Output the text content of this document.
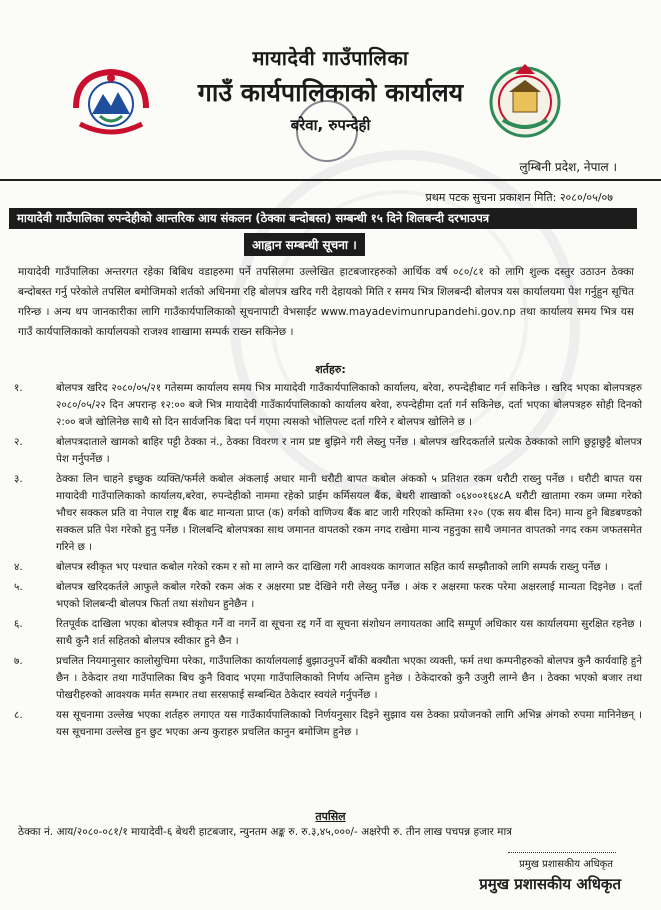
मायादेवी गाउँपालिका
गाउँ कार्यपालिकाको कार्यालय
बरेवा, रुपन्देही
लुम्बिनी प्रदेश, नेपाल ।
प्रथम पटक सुचना प्रकाशन मिति: २०८०/०५/०७
मायादेवी गाउँपालिका रुपन्देहीको आन्तरिक आय संकलन (ठेक्का बन्दोबस्त) सम्बन्धी १५ दिने शिलबन्दी दरभाउपत्र
आह्वान सम्बन्धी सूचना ।
मायादेवी गाउँपालिका अन्तरगत रहेका बिबिध वडाहरुमा पर्ने तपसिलमा उल्लेखित हाटबजारहरुको आर्थिक वर्ष ०८०/८१ को लागि शुल्क दस्तुर उठाउन ठेक्का बन्दोबस्त गर्नु परेकोले तपसिल बमोजिमको शर्तको अधिनमा रहि बोलपत्र खरिद गरी देहायको मिति र समय भित्र शिलबन्दी बोलपत्र यस कार्यालयमा पेश गर्नुहुन सूचित गरिन्छ । अन्य थप जानकारीका लागि गाउँकार्यपालिकाको सूचनापाटी वेभसाईट www.mayadevimunrupandehi.gov.np तथा कार्यालय समय भित्र यस गाउँ कार्यपालिकाको कार्यालयको राजश्व शाखामा सम्पर्क राख्न सकिनेछ ।
शर्तहरु:
१.	बोलपत्र खरिद २०८०/०५/२१ गतेसम्म कार्यालय समय भित्र मायादेवी गाउँकार्यपालिकाको कार्यालय, बरेवा, रुपन्देहीबाट गर्न सकिनेछ । खरिद भएका बोलपत्रहरु २०८०/०५/२२ दिन अपरान्ह १२:०० बजे भित्र मायादेवी गाउँकार्यपालिकाको कार्यालय बरेवा, रुपन्देहीमा दर्ता गर्न सकिनेछ, दर्ता भएका बोलपत्रहरु सोही दिनको २:०० बजे खोलिनेछ साथै सो दिन सार्वजनिक बिदा पर्न गएमा त्यसको भोलिपल्ट दर्ता गरिने र बोलपत्र खोलिने छ ।
२.	बोलपत्रदाताले खामको बाहिर पट्टी ठेक्का नं., ठेक्का विवरण र नाम प्रष्ट बुझिने गरी लेख्नु पर्नेछ । बोलपत्र खरिदकर्ताले प्रत्येक ठेक्काको लागि छुट्टाछुट्टै बोलपत्र पेश गर्नुपर्नेछ ।
३.	ठेक्का लिन चाहने इच्छुक व्यक्ति/फर्मले कबोल अंकलाई अधार मानी धरौटी बापत कबोल अंकको ५ प्रतिशत रकम धरौटी राख्नु पर्नेछ । धरौटी बापत यस मायादेवी गाउँपालिकाको कार्यालय,बरेवा, रुपन्देहीको नाममा रहेको प्राईम कर्मिसयल बैंक, बेथरी शाखाको ०६४००१६४८A धरौटी खातामा रकम जम्मा गरेको भौचर सक्कल प्रति वा नेपाल राष्ट्र बैंक बाट मान्यता प्राप्त (क) वर्गको वाणिज्य बैंक बाट जारी गरिएको कम्तिमा १२० (एक सय बीस दिन) मान्य हुने बिडबण्डको सक्कल प्रति पेश गरेको हुनु पर्नेछ । शिलबन्दि बोलपत्रका साथ जमानत वापतको रकम नगद राखेमा मान्य नहुनुका साथै जमानत वापतको नगद रकम जफतसमेत गरिने छ ।
४.	बोलपत्र स्वीकृत भए पश्चात कबोल गरेको रकम र सो मा लाग्ने कर दाखिला गरी आवश्यक कागजात सहित कार्य सम्झौताको लागि सम्पर्क राख्नु पर्नेछ ।
५.	बोलपत्र खरिदकर्तले आफुले कबोल गरेको रकम अंक र अक्षरमा प्रष्ट देखिने गरी लेख्नु पर्नेछ । अंक र अक्षरमा फरक परेमा अक्षरलाई मान्यता दिइनेछ । दर्ता भएको शिलबन्दी बोलपत्र फिर्ता तथा संशोधन हुनेछैन ।
६.	रितपूर्वक दाखिला भएका बोलपत्र स्वीकृत गर्ने वा नगर्ने वा सूचना रद्द गर्ने वा सूचना संशोधन लगायतका आदि सम्पूर्ण अधिकार यस कार्यालयमा सुरक्षित रहनेछ । साथै कुनै शर्त सहितको बोलपत्र स्वीकार हुने छैन ।
७.	प्रचलित नियमानुसार कालोसुचिमा परेका, गाउँपालिका कार्यालयलाई बुझाउनुपर्ने बाँकी बक्यौता भएका व्यक्ती, फर्म तथा कम्पनीहरुको बोलपत्र कुनै कार्यवाहि हुने छैन । ठेकेदार तथा गाउँपालिका बिच कुनै विवाद भएमा गाउँपालिकाको निर्णय अन्तिम हुनेछ । ठेकेदारको कुनै उजुरी लाग्ने छैन । ठेक्का भएको बजार तथा पोखरीहरुको आवश्यक मर्मत सम्भार तथा सरसफाई सम्बन्धित ठेकेदार स्वयंले गर्नुपर्नेछ ।
८.	यस सूचनामा उल्लेख भएका शर्तहरु लगाएत यस गाउँकार्यपालिकाको निर्णयनुसार दिइने सुझाव यस ठेक्का प्रयोजनको लागि अभिन्न अंगको रुपमा मानिनेछन् । यस सूचनामा उल्लेख हुन छुट भएका अन्य कुराहरु प्रचलित कानुन बमोजिम हुनेछ ।
तपसिल
ठेक्का नं. आय/२०८०-०८१/१ मायादेवी-६ बेथरी हाटबजार, न्युनतम अङ्क रु. रु.३,४५,०००/- अक्षरेपी रु. तीन लाख पचपन्न हजार मात्र
प्रमुख प्रशासकीय अधिकृत
प्रमुख प्रशासकीय अधिकृत
